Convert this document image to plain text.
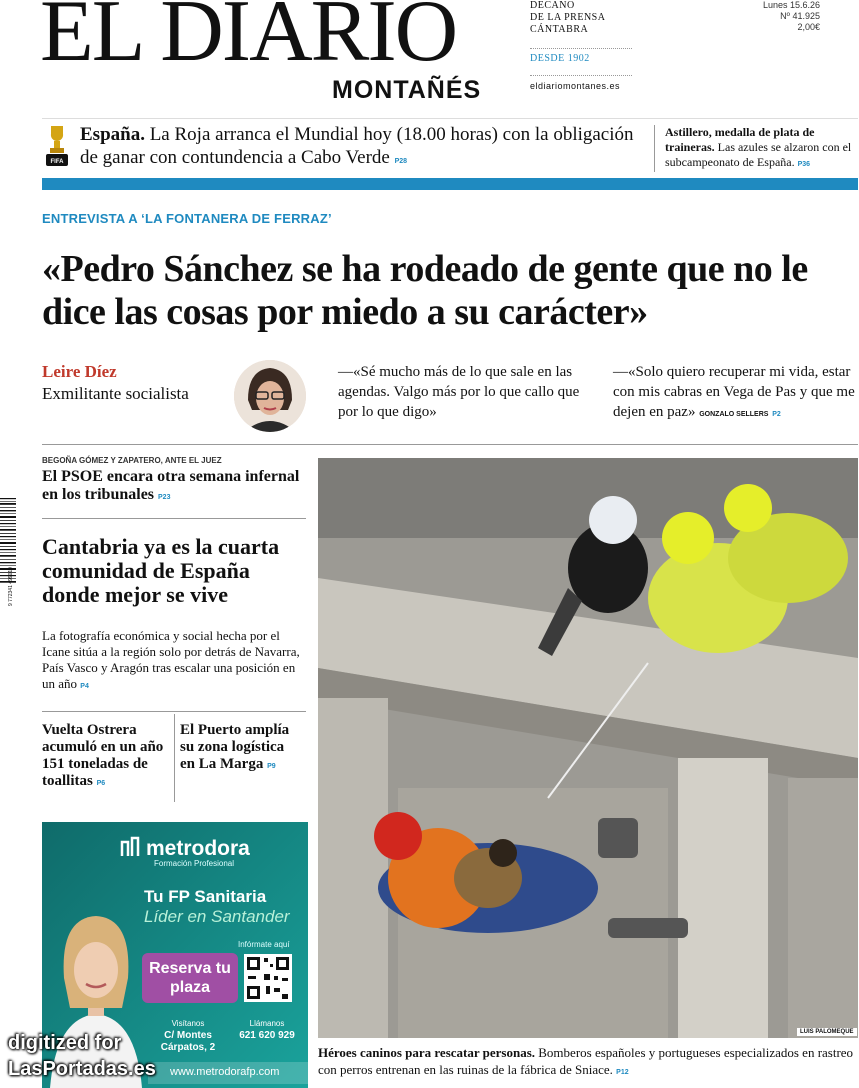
EL DIARIO
MONTAÑÉS
DECANO
DE LA PRENSA
CÁNTABRA
DESDE 1902
eldiariomontanes.es
Lunes 15.6.26
Nº 41.925
2,00€
FIFA
España. La Roja arranca el Mundial hoy (18.00 horas) con la obligación de ganar con contundencia a Cabo Verde P28
Astillero, medalla de plata de traineras. Las azules se alzaron con el subcampeonato de España. P36
ENTREVISTA A ‘LA FONTANERA DE FERRAZ’
«Pedro Sánchez se ha rodeado de gente que no le dice las cosas por miedo a su carácter»
Leire Díez
Exmilitante socialista
—«Sé mucho más de lo que sale en las agendas. Valgo más por lo que callo que por lo que digo»
—«Solo quiero recuperar mi vida, estar con mis cabras en Vega de Pas y que me dejen en paz» GONZALO SELLERS P2
9 772341 499010
BEGOÑA GÓMEZ Y ZAPATERO, ANTE EL JUEZ
El PSOE encara otra semana infernal en los tribunales P23
Cantabria ya es la cuarta comunidad de España donde mejor se vive
La fotografía económica y social hecha por el Icane sitúa a la región solo por detrás de Navarra, País Vasco y Aragón tras escalar una posición en un año P4
Vuelta Ostrera acumuló en un año 151 toneladas de toallitas P6
El Puerto amplía su zona logística en La Marga P9
metrodora
Formación Profesional
Tu FP Sanitaria
Líder en Santander
Infórmate aquí
Reserva tu plaza
Visítanos
C/ Montes Cárpatos, 2
Llámanos
621 620 929
www.metrodorafp.com
LUIS PALOMEQUE
Héroes caninos para rescatar personas. Bomberos españoles y portugueses especializados en rastreo con perros entrenan en las ruinas de la fábrica de Sniace. P12
digitized for
LasPortadas.es
